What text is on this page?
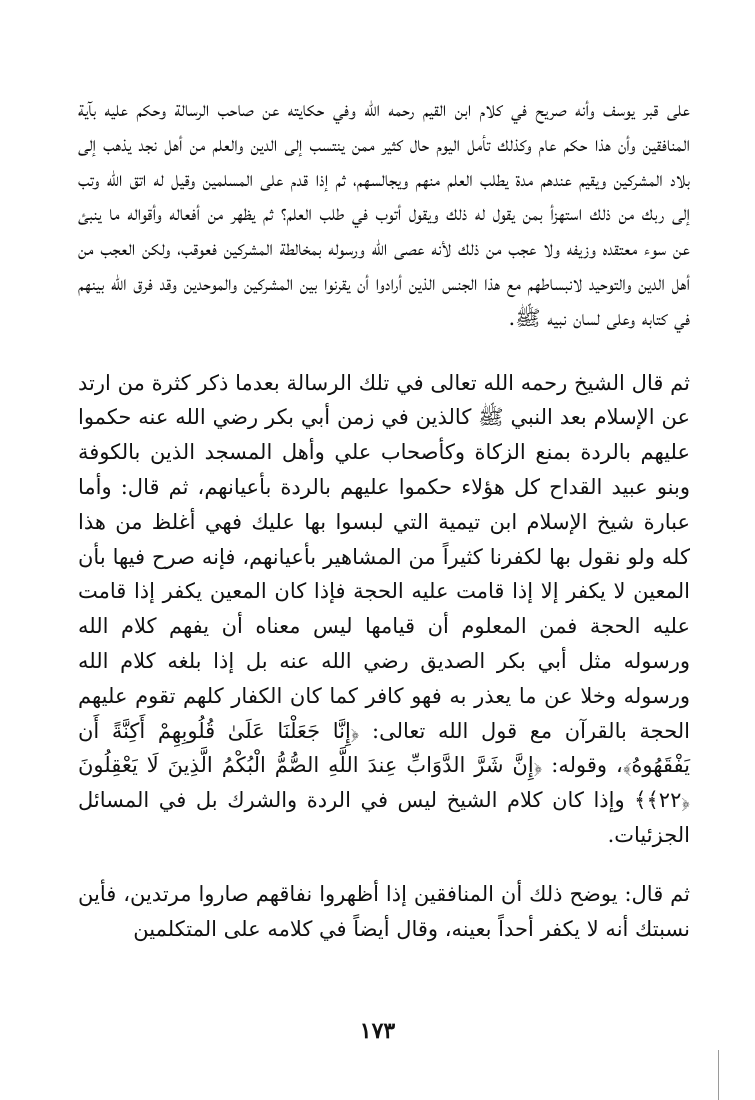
على قبر يوسف وأنه صريح في كلام ابن القيم رحمه الله وفي حكايته عن صاحب الرسالة وحكم عليه بآية المنافقين وأن هذا حكم عام وكذلك تأمل اليوم حال كثير ممن ينتسب إلى الدين والعلم من أهل نجد يذهب إلى بلاد المشركين ويقيم عندهم مدة يطلب العلم منهم ويجالسهم، ثم إذا قدم على المسلمين وقيل له اتق الله وتب إلى ربك من ذلك استهزأ بمن يقول له ذلك ويقول أتوب في طلب العلم؟ ثم يظهر من أفعاله وأقواله ما ينبئ عن سوء معتقده وزيفه ولا عجب من ذلك لأنه عصى الله ورسوله بمخالطة المشركين فعوقب، ولكن العجب من أهل الدين والتوحيد لانبساطهم مع هذا الجنس الذين أرادوا أن يقرنوا بين المشركين والموحدين وقد فرق الله بينهم في كتابه وعلى لسان نبيه ﷺ.

ثم قال الشيخ رحمه الله تعالى في تلك الرسالة بعدما ذكر كثرة من ارتد عن الإسلام بعد النبي ﷺ كالذين في زمن أبي بكر رضي الله عنه حكموا عليهم بالردة بمنع الزكاة وكأصحاب علي وأهل المسجد الذين بالكوفة وبنو عبيد القداح كل هؤلاء حكموا عليهم بالردة بأعيانهم، ثم قال: وأما عبارة شيخ الإسلام ابن تيمية التي لبسوا بها عليك فهي أغلظ من هذا كله ولو نقول بها لكفرنا كثيراً من المشاهير بأعيانهم، فإنه صرح فيها بأن المعين لا يكفر إلا إذا قامت عليه الحجة فإذا كان المعين يكفر إذا قامت عليه الحجة فمن المعلوم أن قيامها ليس معناه أن يفهم كلام الله ورسوله مثل أبي بكر الصديق رضي الله عنه بل إذا بلغه كلام الله ورسوله وخلا عن ما يعذر به فهو كافر كما كان الكفار كلهم تقوم عليهم الحجة بالقرآن مع قول الله تعالى: ﴿إِنَّا جَعَلْنَا عَلَىٰ قُلُوبِهِمْ أَكِنَّةً أَن يَفْقَهُوهُ﴾، وقوله: ﴿إِنَّ شَرَّ الدَّوَابِّ عِندَ اللَّهِ الصُّمُّ الْبُكْمُ الَّذِينَ لَا يَعْقِلُونَ ﴿٢٢﴾﴾ وإذا كان كلام الشيخ ليس في الردة والشرك بل في المسائل الجزئيات.

ثم قال: يوضح ذلك أن المنافقين إذا أظهروا نفاقهم صاروا مرتدين، فأين نسبتك أنه لا يكفر أحداً بعينه، وقال أيضاً في كلامه على المتكلمين

١٧٣
